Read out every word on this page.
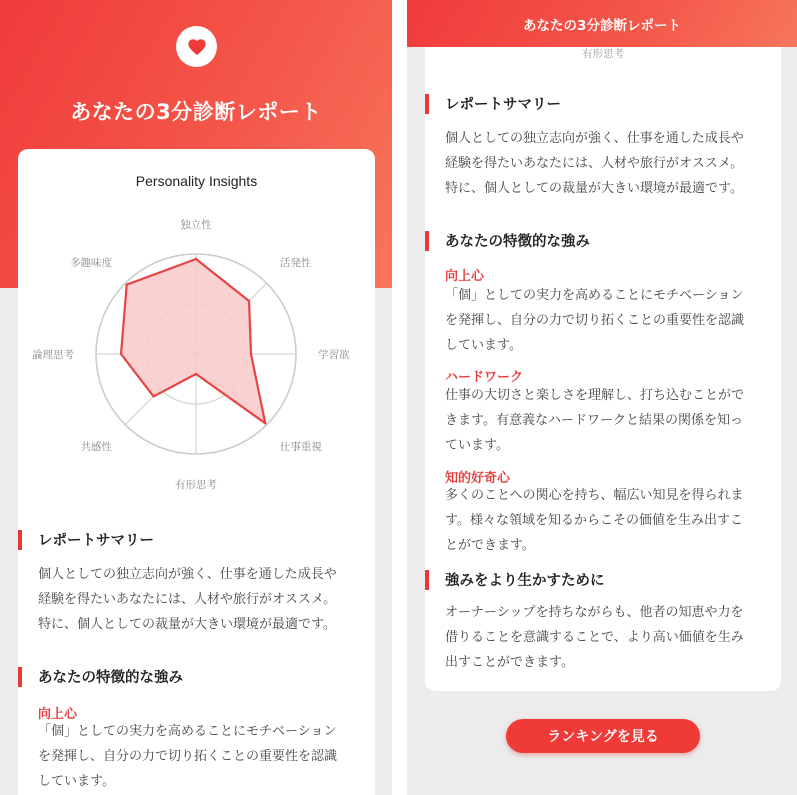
あなたの3分診断レポート
Personality Insights
独立性
活発性
学習欲
仕事重視
有形思考
共感性
論理思考
多趣味度
レポートサマリー
個人としての独立志向が強く、仕事を通した成長や
経験を得たいあなたには、人材や旅行がオススメ。
特に、個人としての裁量が大きい環境が最適です。
あなたの特徴的な強み
向上心
「個」としての実力を高めることにモチベーション
を発揮し、自分の力で切り拓くことの重要性を認識
しています。
あなたの3分診断レポート
有形思考
レポートサマリー
個人としての独立志向が強く、仕事を通した成長や
経験を得たいあなたには、人材や旅行がオススメ。
特に、個人としての裁量が大きい環境が最適です。
あなたの特徴的な強み
向上心
「個」としての実力を高めることにモチベーション
を発揮し、自分の力で切り拓くことの重要性を認識
しています。
ハードワーク
仕事の大切さと楽しさを理解し、打ち込むことがで
きます。有意義なハードワークと結果の関係を知っ
ています。
知的好奇心
多くのことへの関心を持ち、幅広い知見を得られま
す。様々な領域を知るからこその価値を生み出すこ
とができます。
強みをより生かすために
オーナーシップを持ちながらも、他者の知恵や力を
借りることを意識することで、より高い価値を生み
出すことができます。
ランキングを見る
